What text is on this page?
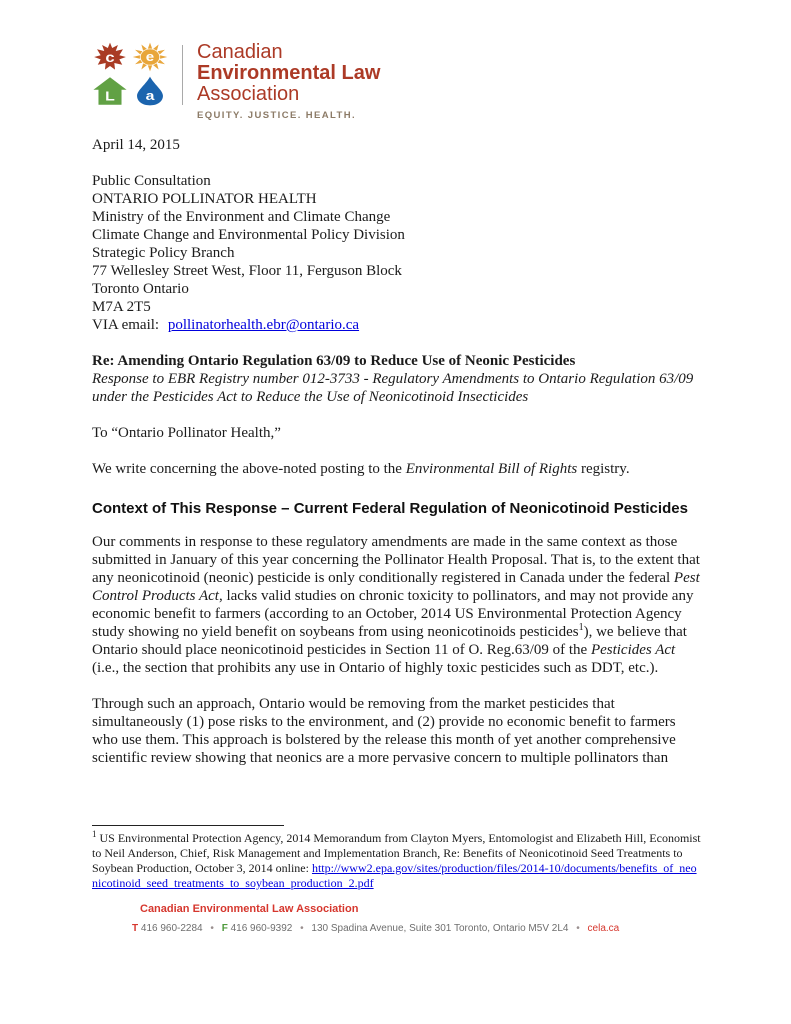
c e
L a
Canadian
Environmental Law
Association
EQUITY. JUSTICE. HEALTH.
April 14, 2015
Public Consultation
ONTARIO POLLINATOR HEALTH
Ministry of the Environment and Climate Change
Climate Change and Environmental Policy Division
Strategic Policy Branch
77 Wellesley Street West, Floor 11, Ferguson Block
Toronto Ontario
M7A 2T5
VIA email: pollinatorhealth.ebr@ontario.ca
Re: Amending Ontario Regulation 63/09 to Reduce Use of Neonic Pesticides
Response to EBR Registry number 012-3733 - Regulatory Amendments to Ontario Regulation 63/09 under the Pesticides Act to Reduce the Use of Neonicotinoid Insecticides
To “Ontario Pollinator Health,”

We write concerning the above-noted posting to the Environmental Bill of Rights registry.

Context of This Response – Current Federal Regulation of Neonicotinoid Pesticides

Our comments in response to these regulatory amendments are made in the same context as those submitted in January of this year concerning the Pollinator Health Proposal. That is, to the extent that any neonicotinoid (neonic) pesticide is only conditionally registered in Canada under the federal Pest Control Products Act, lacks valid studies on chronic toxicity to pollinators, and may not provide any economic benefit to farmers (according to an October, 2014 US Environmental Protection Agency study showing no yield benefit on soybeans from using neonicotinoids pesticides$^1$), we believe that Ontario should place neonicotinoid pesticides in Section 11 of O. Reg.63/09 of the Pesticides Act (i.e., the section that prohibits any use in Ontario of highly toxic pesticides such as DDT, etc.).

Through such an approach, Ontario would be removing from the market pesticides that simultaneously (1) pose risks to the environment, and (2) provide no economic benefit to farmers who use them. This approach is bolstered by the release this month of yet another comprehensive scientific review showing that neonics are a more pervasive concern to multiple pollinators than

$^1$ US Environmental Protection Agency, 2014 Memorandum from Clayton Myers, Entomologist and Elizabeth Hill, Economist to Neil Anderson, Chief, Risk Management and Implementation Branch, Re: Benefits of Neonicotinoid Seed Treatments to Soybean Production, October 3, 2014 online: http://www2.epa.gov/sites/production/files/2014-10/documents/benefits_of_neonicotinoid_seed_treatments_to_soybean_production_2.pdf

Canadian Environmental Law Association
T 416 960-2284 • F 416 960-9392 • 130 Spadina Avenue, Suite 301 Toronto, Ontario M5V 2L4 • cela.ca
